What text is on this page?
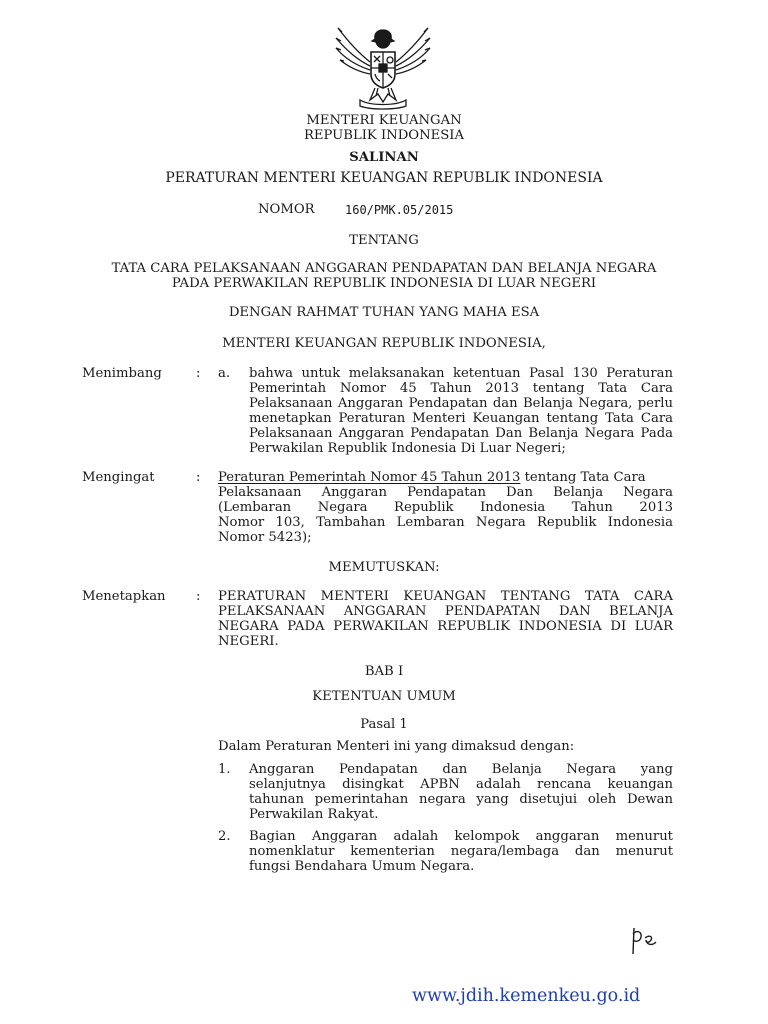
MENTERI KEUANGAN
REPUBLIK INDONESIA
SALINAN
PERATURAN MENTERI KEUANGAN REPUBLIK INDONESIA
NOMOR	160/PMK.05/2015
TENTANG
TATA CARA PELAKSANAAN ANGGARAN PENDAPATAN DAN BELANJA NEGARA
PADA PERWAKILAN REPUBLIK INDONESIA DI LUAR NEGERI
DENGAN RAHMAT TUHAN YANG MAHA ESA
MENTERI KEUANGAN REPUBLIK INDONESIA,
Menimbang	: a. bahwa untuk melaksanakan ketentuan Pasal 130 Peraturan
Pemerintah Nomor 45 Tahun 2013 tentang Tata Cara
Pelaksanaan Anggaran Pendapatan dan Belanja Negara, perlu
menetapkan Peraturan Menteri Keuangan tentang Tata Cara
Pelaksanaan Anggaran Pendapatan Dan Belanja Negara Pada
Perwakilan Republik Indonesia Di Luar Negeri;
Mengingat	: Peraturan Pemerintah Nomor 45 Tahun 2013 tentang Tata Cara
Pelaksanaan Anggaran Pendapatan Dan Belanja Negara
(Lembaran Negara Republik Indonesia Tahun 2013
Nomor 103, Tambahan Lembaran Negara Republik Indonesia
Nomor 5423);
MEMUTUSKAN:
Menetapkan : PERATURAN MENTERI KEUANGAN TENTANG TATA CARA
PELAKSANAAN ANGGARAN PENDAPATAN DAN BELANJA
NEGARA PADA PERWAKILAN REPUBLIK INDONESIA DI LUAR
NEGERI.
BAB I
KETENTUAN UMUM
Pasal 1
Dalam Peraturan Menteri ini yang dimaksud dengan:
1. Anggaran Pendapatan dan Belanja Negara yang
selanjutnya disingkat APBN adalah rencana keuangan
tahunan pemerintahan negara yang disetujui oleh Dewan
Perwakilan Rakyat.
2. Bagian Anggaran adalah kelompok anggaran menurut
nomenklatur kementerian negara/lembaga dan menurut
fungsi Bendahara Umum Negara.
www.jdih.kemenkeu.go.id
